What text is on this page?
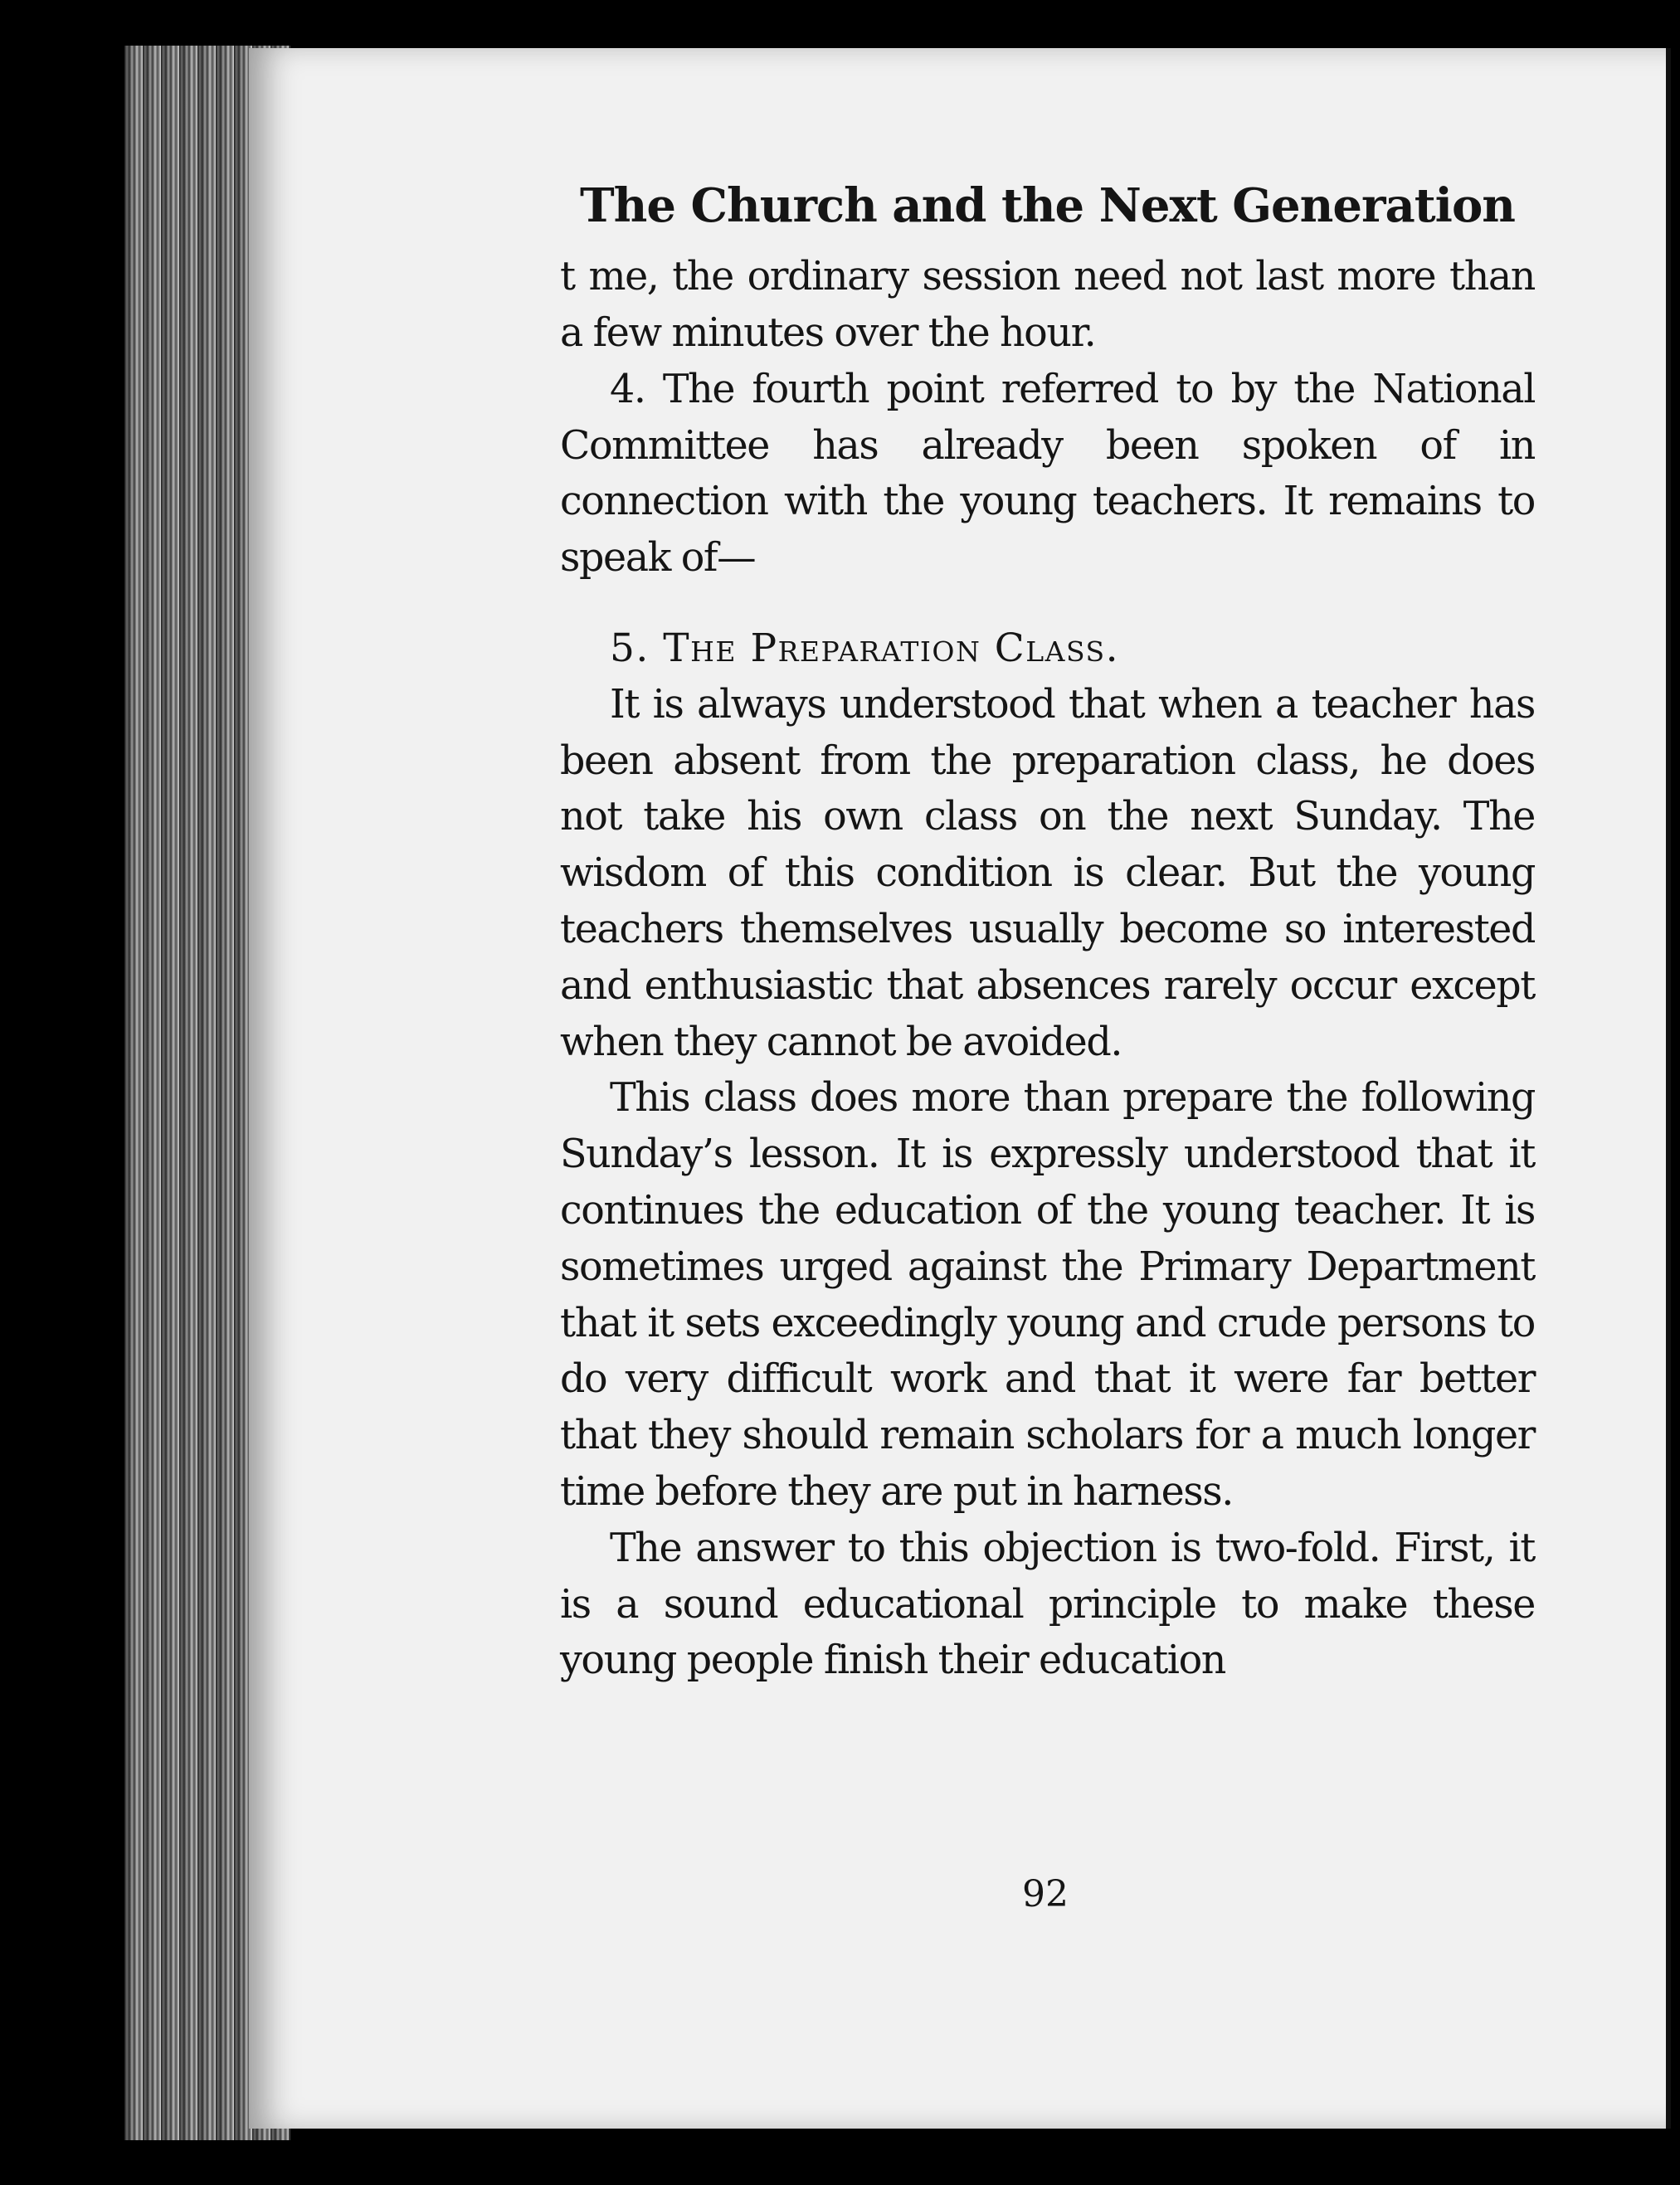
The Church and the Next Generation

t me, the ordinary session need not last more than a few minutes over the hour.

4. The fourth point referred to by the National Committee has already been spoken of in connection with the young teachers. It remains to speak of—

5. The Preparation Class.

It is always understood that when a teacher has been absent from the preparation class, he does not take his own class on the next Sunday. The wisdom of this condition is clear. But the young teachers themselves usually become so interested and enthusiastic that absences rarely occur except when they cannot be avoided.

This class does more than prepare the following Sunday’s lesson. It is expressly understood that it continues the education of the young teacher. It is sometimes urged against the Primary Department that it sets exceedingly young and crude persons to do very difficult work and that it were far better that they should remain scholars for a much longer time before they are put in harness.

The answer to this objection is two-fold. First, it is a sound educational principle to make these young people finish their education

92
